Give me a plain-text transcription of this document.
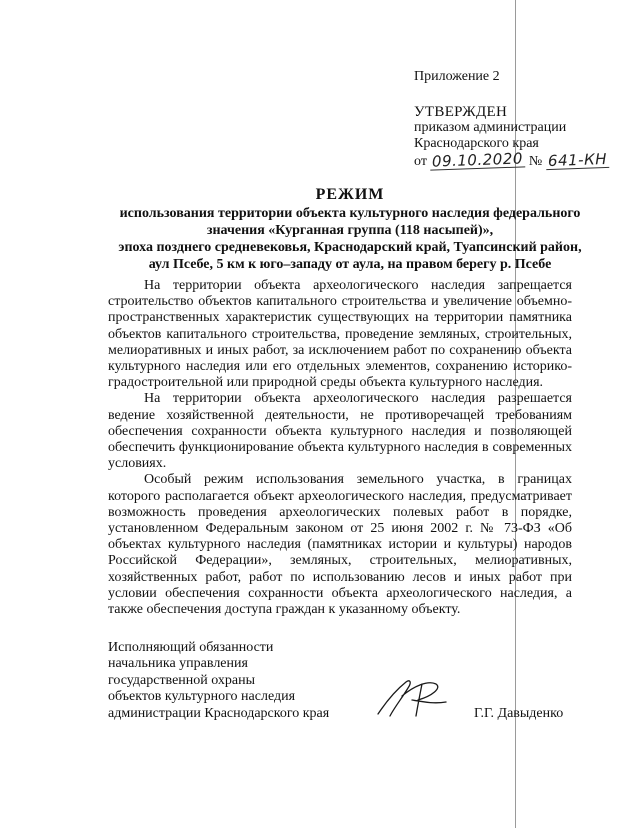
Приложение 2
УТВЕРЖДЕН
приказом администрации
Краснодарского края
от 09.10.2020 № 641-КН
РЕЖИМ
использования территории объекта культурного наследия федерального
значения «Курганная группа (118 насыпей)»,
эпоха позднего средневековья, Краснодарский край, Туапсинский район,
аул Псебе, 5 км к юго–западу от аула, на правом берегу р. Псебе

На территории объекта археологического наследия запрещается строительство объектов капитального строительства и увеличение объемно-пространственных характеристик существующих на территории памятника объектов капитального строительства, проведение земляных, строительных, мелиоративных и иных работ, за исключением работ по сохранению объекта культурного наследия или его отдельных элементов, сохранению историко-градостроительной или природной среды объекта культурного наследия.

На территории объекта археологического наследия разрешается ведение хозяйственной деятельности, не противоречащей требованиям обеспечения сохранности объекта культурного наследия и позволяющей обеспечить функционирование объекта культурного наследия в современных условиях.

Особый режим использования земельного участка, в границах которого располагается объект археологического наследия, предусматривает возможность проведения археологических полевых работ в порядке, установленном Федеральным законом от 25 июня 2002 г. № 73-ФЗ «Об объектах культурного наследия (памятниках истории и культуры) народов Российской Федерации», земляных, строительных, мелиоративных, хозяйственных работ, работ по использованию лесов и иных работ при условии обеспечения сохранности объекта археологического наследия, а также обеспечения доступа граждан к указанному объекту.

Исполняющий обязанности
начальника управления
государственной охраны
объектов культурного наследия
администрации Краснодарского края	Г.Г. Давыденко
